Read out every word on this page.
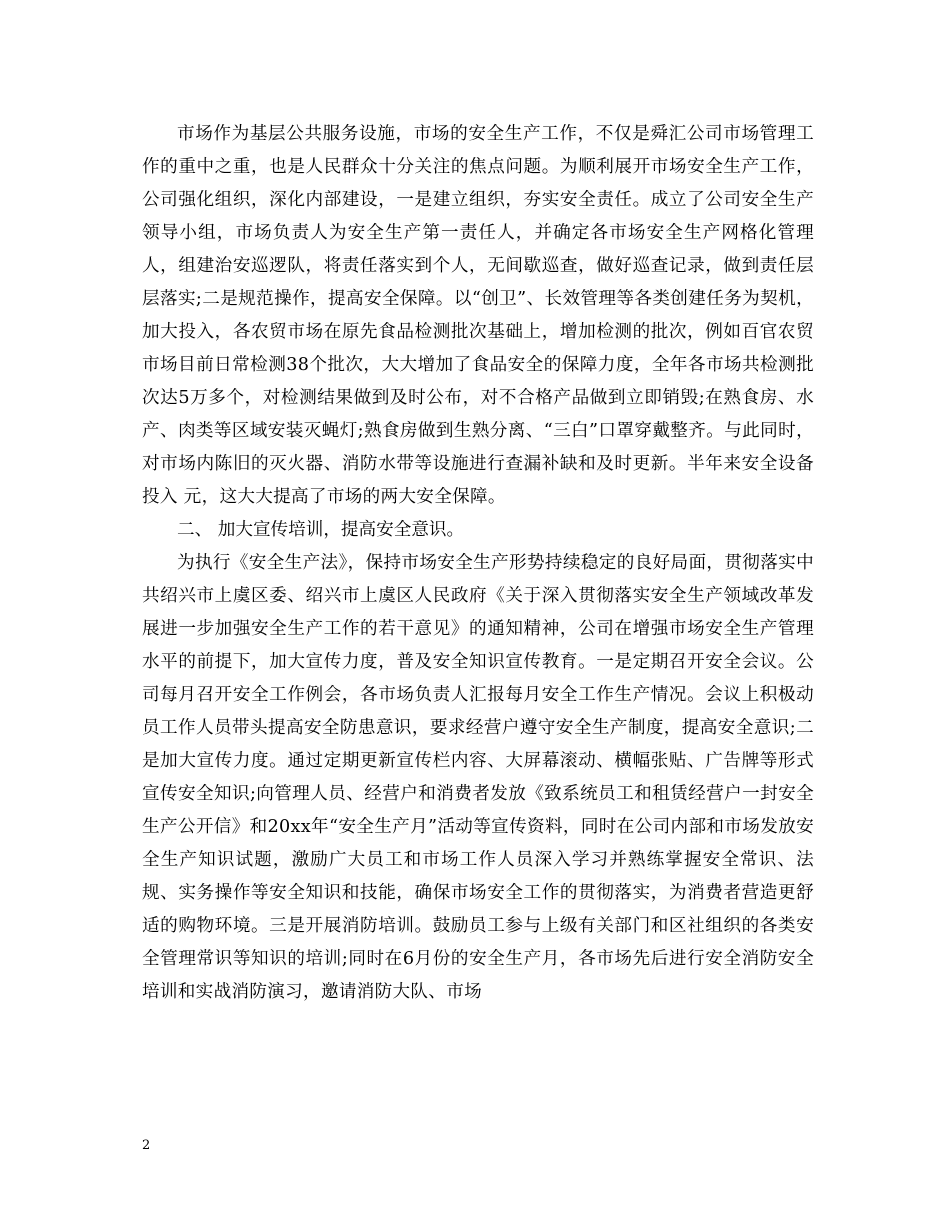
市场作为基层公共服务设施，市场的安全生产工作，不仅是舜汇公司市场管理工作的重中之重，也是人民群众十分关注的焦点问题。为顺利展开市场安全生产工作，公司强化组织，深化内部建设，一是建立组织，夯实安全责任。成立了公司安全生产领导小组，市场负责人为安全生产第一责任人，并确定各市场安全生产网格化管理人，组建治安巡逻队，将责任落实到个人，无间歇巡查，做好巡查记录，做到责任层层落实;二是规范操作，提高安全保障。以“创卫”、长效管理等各类创建任务为契机，加大投入，各农贸市场在原先食品检测批次基础上，增加检测的批次，例如百官农贸市场目前日常检测38个批次，大大增加了食品安全的保障力度，全年各市场共检测批次达5万多个，对检测结果做到及时公布，对不合格产品做到立即销毁;在熟食房、水产、肉类等区域安装灭蝇灯;熟食房做到生熟分离、“三白”口罩穿戴整齐。与此同时，对市场内陈旧的灭火器、消防水带等设施进行查漏补缺和及时更新。半年来安全设备投入 元，这大大提高了市场的两大安全保障。

二、 加大宣传培训，提高安全意识。

为执行《安全生产法》，保持市场安全生产形势持续稳定的良好局面，贯彻落实中共绍兴市上虞区委、绍兴市上虞区人民政府《关于深入贯彻落实安全生产领域改革发展进一步加强安全生产工作的若干意见》的通知精神，公司在增强市场安全生产管理水平的前提下，加大宣传力度，普及安全知识宣传教育。一是定期召开安全会议。公司每月召开安全工作例会，各市场负责人汇报每月安全工作生产情况。会议上积极动员工作人员带头提高安全防患意识，要求经营户遵守安全生产制度，提高安全意识;二是加大宣传力度。通过定期更新宣传栏内容、大屏幕滚动、横幅张贴、广告牌等形式宣传安全知识;向管理人员、经营户和消费者发放《致系统员工和租赁经营户一封安全生产公开信》和20xx年“安全生产月”活动等宣传资料，同时在公司内部和市场发放安全生产知识试题，激励广大员工和市场工作人员深入学习并熟练掌握安全常识、法规、实务操作等安全知识和技能，确保市场安全工作的贯彻落实，为消费者营造更舒适的购物环境。三是开展消防培训。鼓励员工参与上级有关部门和区社组织的各类安全管理常识等知识的培训;同时在6月份的安全生产月，各市场先后进行安全消防安全培训和实战消防演习，邀请消防大队、市场

2
